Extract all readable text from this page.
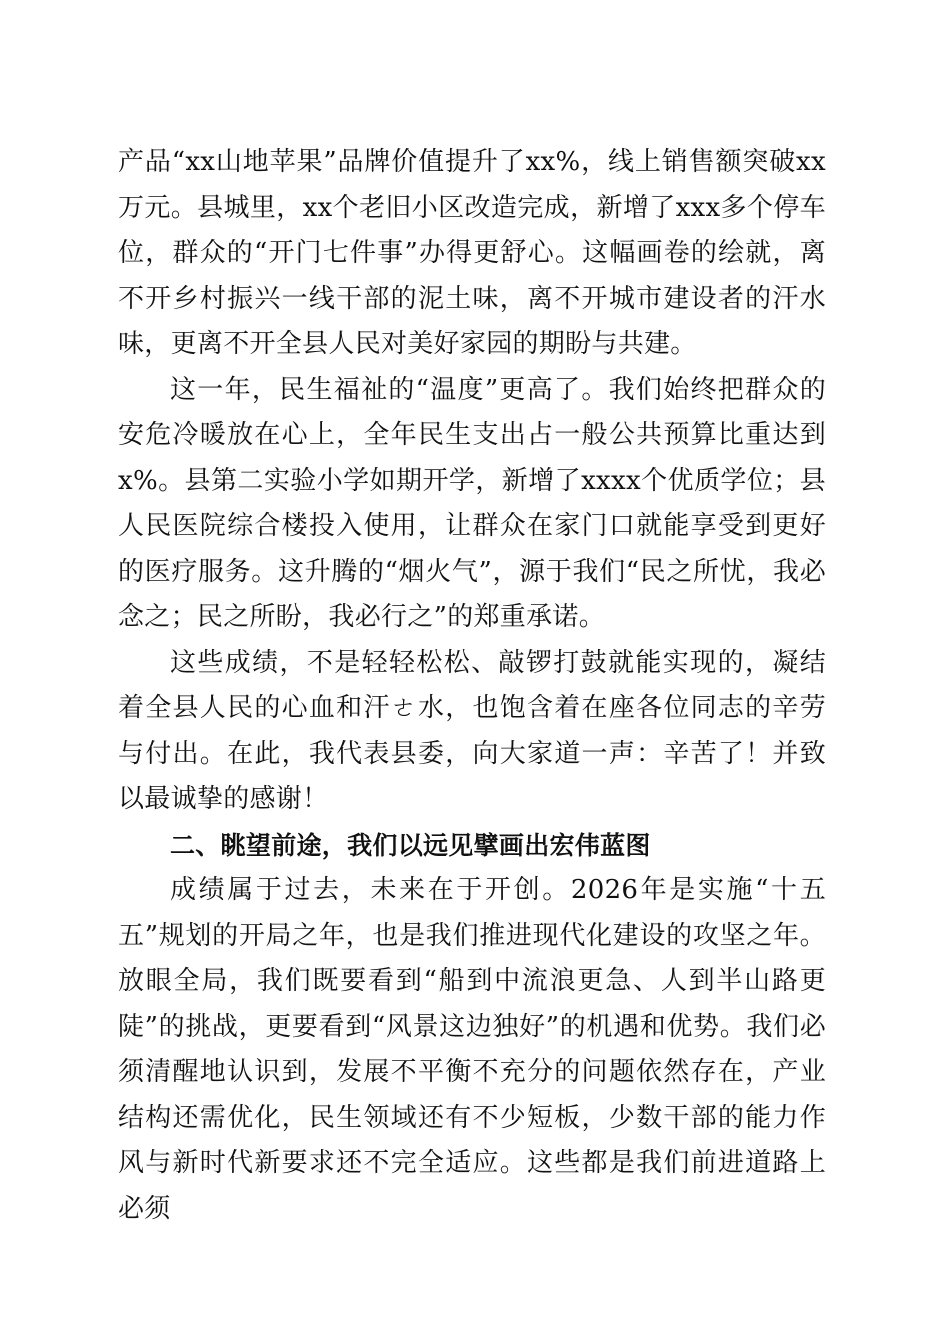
产品“xx山地苹果”品牌价值提升了xx%，线上销售额突破xx万元。县城里，xx个老旧小区改造完成，新增了xxx多个停车位，群众的“开门七件事”办得更舒心。这幅画卷的绘就，离不开乡村振兴一线干部的泥土味，离不开城市建设者的汗水味，更离不开全县人民对美好家园的期盼与共建。

这一年，民生福祉的“温度”更高了。我们始终把群众的安危冷暖放在心上，全年民生支出占一般公共预算比重达到x%。县第二实验小学如期开学，新增了xxxx个优质学位；县人民医院综合楼投入使用，让群众在家门口就能享受到更好的医疗服务。这升腾的“烟火气”，源于我们“民之所忧，我必念之；民之所盼，我必行之”的郑重承诺。

这些成绩，不是轻轻松松、敲锣打鼓就能实现的，凝结着全县人民的心血和汗ㄜ水，也饱含着在座各位同志的辛劳与付出。在此，我代表县委，向大家道一声：辛苦了！并致以最诚挚的感谢！

二、眺望前途，我们以远见擘画出宏伟蓝图

成绩属于过去，未来在于开创。2026年是实施“十五五”规划的开局之年，也是我们推进现代化建设的攻坚之年。放眼全局，我们既要看到“船到中流浪更急、人到半山路更陡”的挑战，更要看到“风景这边独好”的机遇和优势。我们必须清醒地认识到，发展不平衡不充分的问题依然存在，产业结构还需优化，民生领域还有不少短板，少数干部的能力作风与新时代新要求还不完全适应。这些都是我们前进道路上必须
